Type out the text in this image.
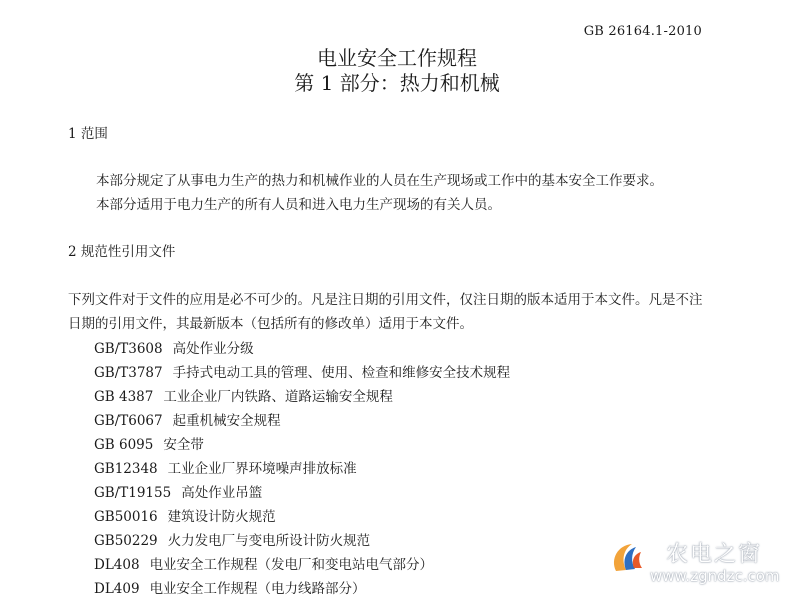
GB 26164.1-2010
电业安全工作规程
第 1 部分：热力和机械
1 范围
本部分规定了从事电力生产的热力和机械作业的人员在生产现场或工作中的基本安全工作要求。
本部分适用于电力生产的所有人员和进入电力生产现场的有关人员。
2 规范性引用文件
下列文件对于文件的应用是必不可少的。凡是注日期的引用文件，仅注日期的版本适用于本文件。凡是不注
日期的引用文件，其最新版本（包括所有的修改单）适用于本文件。
GB/T3608 高处作业分级
GB/T3787 手持式电动工具的管理、使用、检查和维修安全技术规程
GB 4387 工业企业厂内铁路、道路运输安全规程
GB/T6067 起重机械安全规程
GB 6095 安全带
GB12348 工业企业厂界环境噪声排放标准
GB/T19155 高处作业吊篮
GB50016 建筑设计防火规范
GB50229 火力发电厂与变电所设计防火规范
DL408 电业安全工作规程（发电厂和变电站电气部分）
DL409 电业安全工作规程（电力线路部分）
农电之窗
www.zgndzc.com
